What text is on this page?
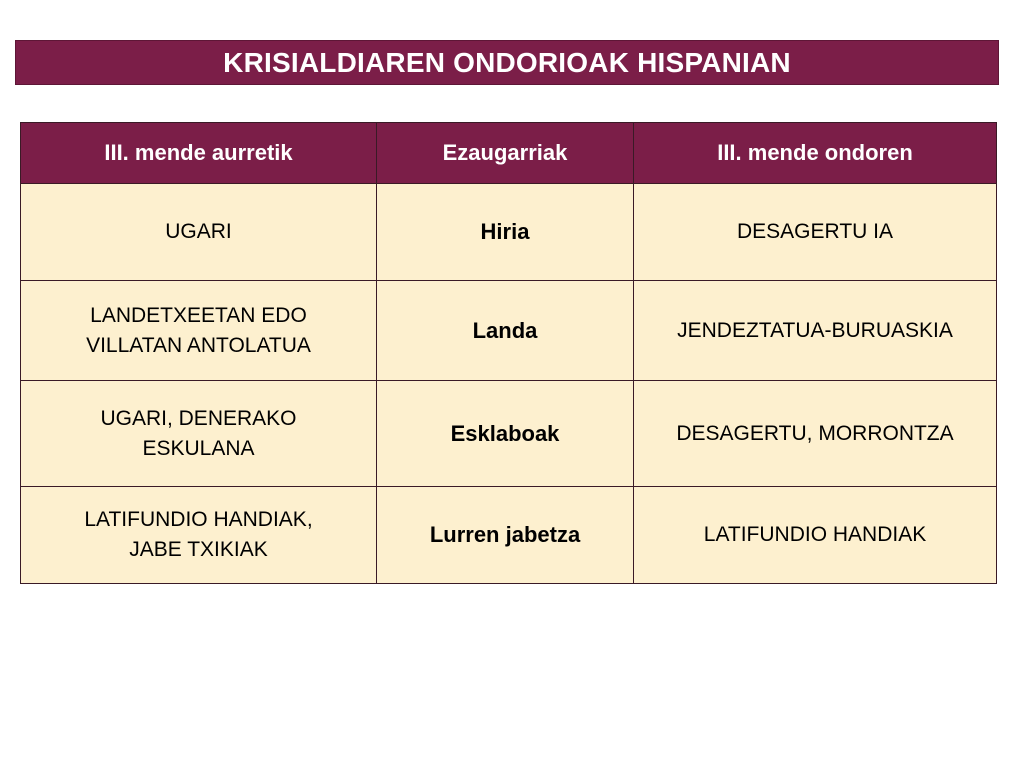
KRISIALDIAREN ONDORIOAK HISPANIAN
III. mende aurretik	Ezaugarriak	III. mende ondoren
UGARI	Hiria	DESAGERTU IA
LANDETXEETAN EDO
VILLATAN ANTOLATUA	Landa	JENDEZTATUA-BURUASKIA
UGARI, DENERAKO
ESKULANA	Esklaboak	DESAGERTU, MORRONTZA
LATIFUNDIO HANDIAK,
JABE TXIKIAK	Lurren jabetza	LATIFUNDIO HANDIAK
